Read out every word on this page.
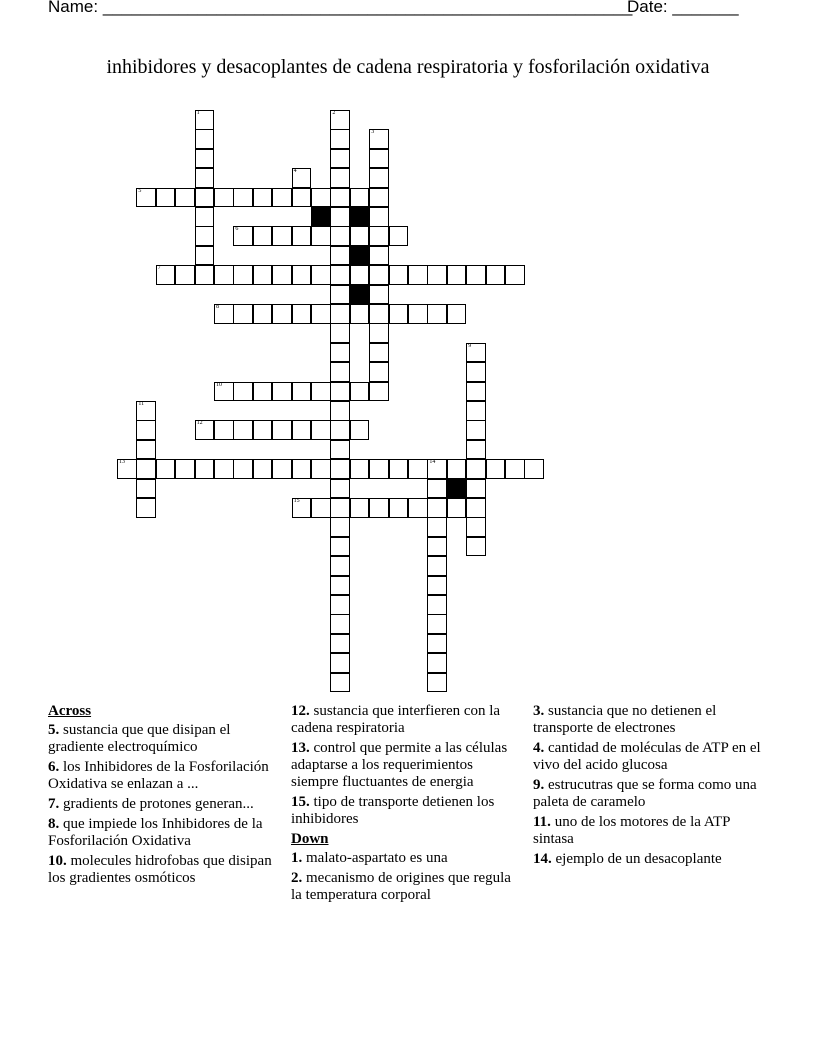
Name: ________________________________________________________
Date: _______
inhibidores y desacoplantes de cadena respiratoria y fosforilación oxidativa
1	2
3
4
5
6
7
8
9
10
11
12
13	14
15
Across
5. sustancia que que disipan el gradiente electroquímico
6. los Inhibidores de la Fosforilación Oxidativa se enlazan a ...
7. gradients de protones generan...
8. que impiede los Inhibidores de la Fosforilación Oxidativa
10. molecules hidrofobas que disipan los gradientes osmóticos
12. sustancia que interfieren con la cadena respiratoria
13. control que permite a las células adaptarse a los requerimientos siempre fluctuantes de energia
15. tipo de transporte detienen los inhibidores
Down
1. malato-aspartato es una
2. mecanismo de origines que regula la temperatura corporal
3. sustancia que no detienen el transporte de electrones
4. cantidad de moléculas de ATP en el vivo del acido glucosa
9. estrucutras que se forma como una paleta de caramelo
11. uno de los motores de la ATP sintasa
14. ejemplo de un desacoplante
